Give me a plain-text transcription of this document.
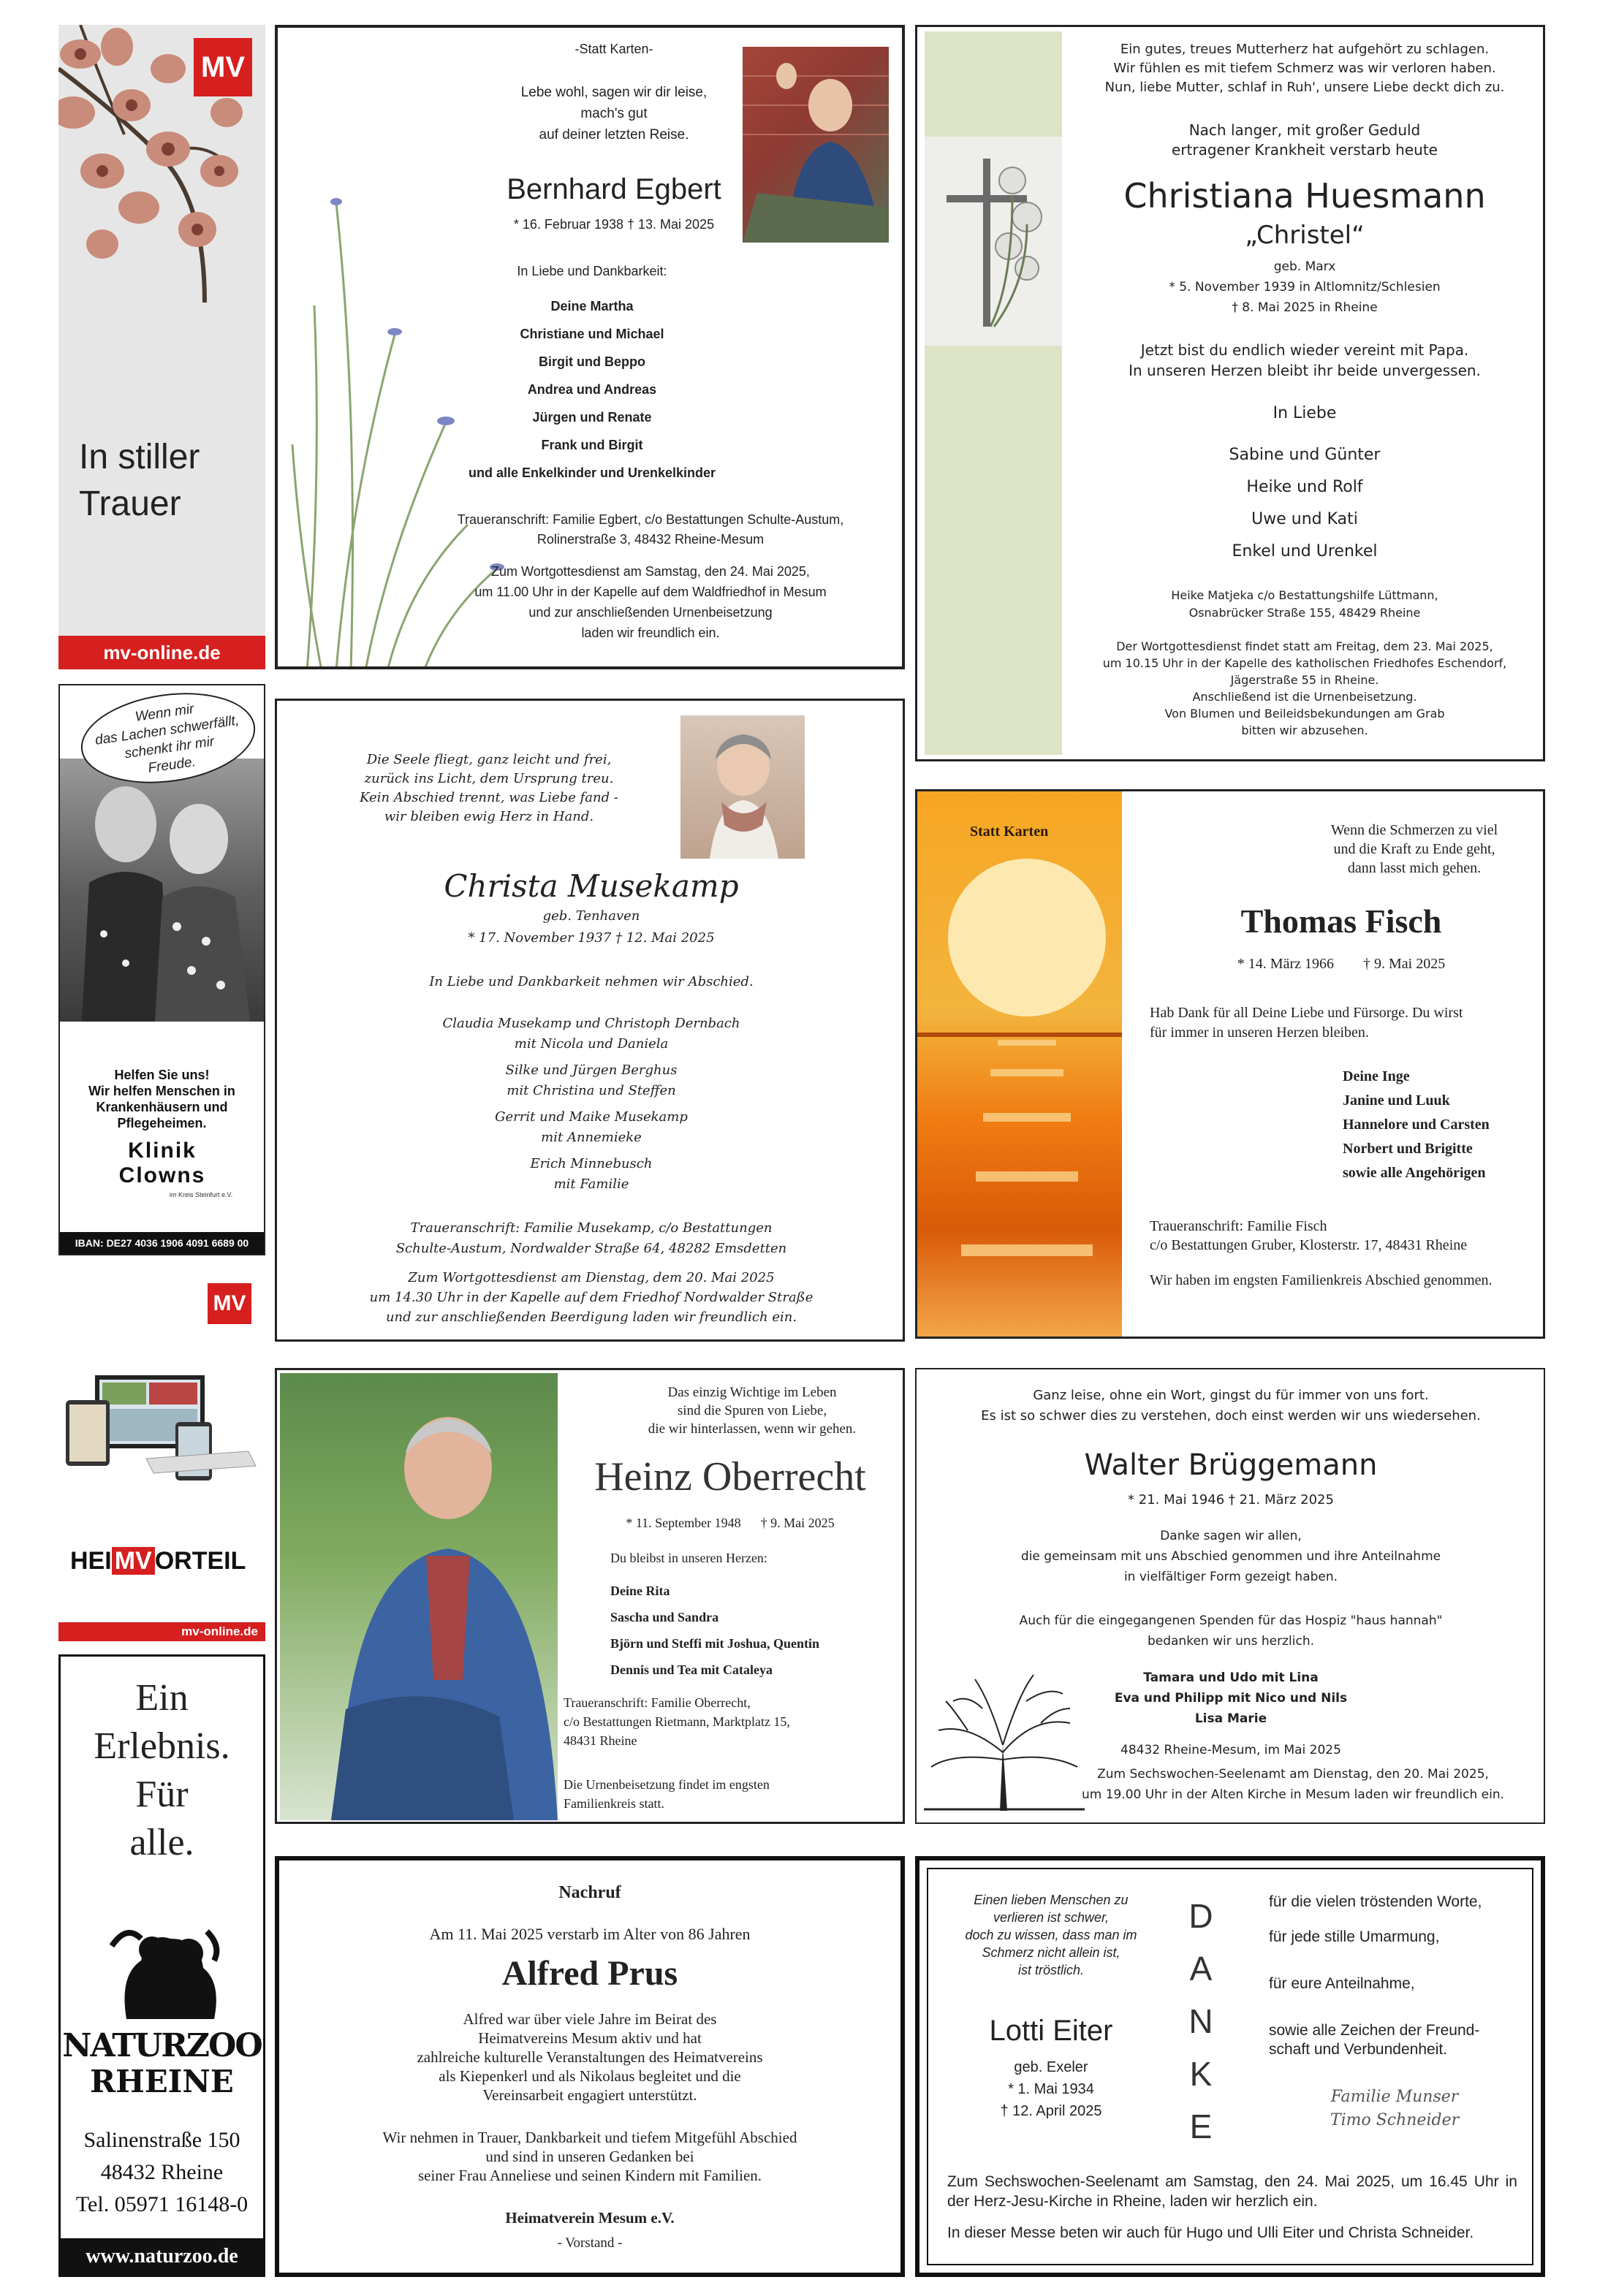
MV
In stiller
Trauer
mv-online.de
Wenn mir
das Lachen schwerfällt,
schenkt ihr mir
Freude.
Helfen Sie uns!
Wir helfen Menschen in
Krankenhäusern und
Pflegeheimen.
Klinik
Clowns
im Kreis Steinfurt e.V.
IBAN: DE27 4036 1906 4091 6689 00
MV
HEI MV ORTEIL
mv-online.de
Ein
Erlebnis.
Für
alle.
NATURZOO
RHEINE
Salinenstraße 150
48432 Rheine
Tel. 05971 16148-0
www.naturzoo.de
-Statt Karten-
Lebe wohl, sagen wir dir leise,
mach's gut
auf deiner letzten Reise.
Bernhard Egbert
* 16. Februar 1938 † 13. Mai 2025
In Liebe und Dankbarkeit:
Deine Martha
Christiane und Michael
Birgit und Beppo
Andrea und Andreas
Jürgen und Renate
Frank und Birgit
und alle Enkelkinder und Urenkelkinder
Traueranschrift: Familie Egbert, c/o Bestattungen Schulte-Austum,
Rolinerstraße 3, 48432 Rheine-Mesum
Zum Wortgottesdienst am Samstag, den 24. Mai 2025,
um 11.00 Uhr in der Kapelle auf dem Waldfriedhof in Mesum
und zur anschließenden Urnenbeisetzung
laden wir freundlich ein.
Ein gutes, treues Mutterherz hat aufgehört zu schlagen.
Wir fühlen es mit tiefem Schmerz was wir verloren haben.
Nun, liebe Mutter, schlaf in Ruh', unsere Liebe deckt dich zu.
Nach langer, mit großer Geduld
ertragener Krankheit verstarb heute
Christiana Huesmann
„Christel“
geb. Marx
* 5. November 1939 in Altlomnitz/Schlesien
† 8. Mai 2025 in Rheine
Jetzt bist du endlich wieder vereint mit Papa.
In unseren Herzen bleibt ihr beide unvergessen.
In Liebe
Sabine und Günter
Heike und Rolf
Uwe und Kati
Enkel und Urenkel
Heike Matjeka c/o Bestattungshilfe Lüttmann,
Osnabrücker Straße 155, 48429 Rheine
Der Wortgottesdienst findet statt am Freitag, dem 23. Mai 2025,
um 10.15 Uhr in der Kapelle des katholischen Friedhofes Eschendorf,
Jägerstraße 55 in Rheine.
Anschließend ist die Urnenbeisetzung.
Von Blumen und Beileidsbekundungen am Grab
bitten wir abzusehen.
Die Seele fliegt, ganz leicht und frei,
zurück ins Licht, dem Ursprung treu.
Kein Abschied trennt, was Liebe fand -
wir bleiben ewig Herz in Hand.
Christa Musekamp
geb. Tenhaven
* 17. November 1937 † 12. Mai 2025
In Liebe und Dankbarkeit nehmen wir Abschied.
Claudia Musekamp und Christoph Dernbach
mit Nicola und Daniela
Silke und Jürgen Berghus
mit Christina und Steffen
Gerrit und Maike Musekamp
mit Annemieke
Erich Minnebusch
mit Familie
Traueranschrift: Familie Musekamp, c/o Bestattungen
Schulte-Austum, Nordwalder Straße 64, 48282 Emsdetten
Zum Wortgottesdienst am Dienstag, dem 20. Mai 2025
um 14.30 Uhr in der Kapelle auf dem Friedhof Nordwalder Straße
und zur anschließenden Beerdigung laden wir freundlich ein.
Statt Karten	Wenn die Schmerzen zu viel
und die Kraft zu Ende geht,
dann lasst mich gehen.
Thomas Fisch
* 14. März 1966        † 9. Mai 2025
Hab Dank für all Deine Liebe und Fürsorge. Du wirst
für immer in unseren Herzen bleiben.
Deine Inge
Janine und Luuk
Hannelore und Carsten
Norbert und Brigitte
sowie alle Angehörigen
Traueranschrift: Familie Fisch
c/o Bestattungen Gruber, Klosterstr. 17, 48431 Rheine
Wir haben im engsten Familienkreis Abschied genommen.
Das einzig Wichtige im Leben
sind die Spuren von Liebe,
die wir hinterlassen, wenn wir gehen.
Heinz Oberrecht
* 11. September 1948      † 9. Mai 2025
Du bleibst in unseren Herzen:
Deine Rita
Sascha und Sandra
Björn und Steffi mit Joshua, Quentin
Dennis und Tea mit Cataleya
Traueranschrift: Familie Oberrecht,
c/o Bestattungen Rietmann, Marktplatz 15,
48431 Rheine
Die Urnenbeisetzung findet im engsten
Familienkreis statt.
Ganz leise, ohne ein Wort, gingst du für immer von uns fort.
Es ist so schwer dies zu verstehen, doch einst werden wir uns wiedersehen.
Walter Brüggemann
* 21. Mai 1946 † 21. März 2025
Danke sagen wir allen,
die gemeinsam mit uns Abschied genommen und ihre Anteilnahme
in vielfältiger Form gezeigt haben.
Auch für die eingegangenen Spenden für das Hospiz "haus hannah"
bedanken wir uns herzlich.
Tamara und Udo mit Lina
Eva und Philipp mit Nico und Nils
Lisa Marie
48432 Rheine-Mesum, im Mai 2025
Zum Sechswochen-Seelenamt am Dienstag, den 20. Mai 2025,
um 19.00 Uhr in der Alten Kirche in Mesum laden wir freundlich ein.
Nachruf
Am 11. Mai 2025 verstarb im Alter von 86 Jahren
Alfred Prus
Alfred war über viele Jahre im Beirat des
Heimatvereins Mesum aktiv und hat
zahlreiche kulturelle Veranstaltungen des Heimatvereins
als Kiepenkerl und als Nikolaus begleitet und die
Vereinsarbeit engagiert unterstützt.
Wir nehmen in Trauer, Dankbarkeit und tiefem Mitgefühl Abschied
und sind in unseren Gedanken bei
seiner Frau Anneliese und seinen Kindern mit Familien.
Heimatverein Mesum e.V.
- Vorstand -
Einen lieben Menschen zu
verlieren ist schwer,
doch zu wissen, dass man im
Schmerz nicht allein ist,
ist tröstlich.
Lotti Eiter
geb. Exeler
* 1. Mai 1934
† 12. April 2025
D
A
N
K
E
für die vielen tröstenden Worte,
für jede stille Umarmung,
für eure Anteilnahme,
sowie alle Zeichen der Freund-
schaft und Verbundenheit.
Familie Munser
Timo Schneider
Zum Sechswochen-Seelenamt am Samstag, den 24. Mai 2025, um 16.45 Uhr in der Herz-Jesu-Kirche in Rheine, laden wir herzlich ein.
In dieser Messe beten wir auch für Hugo und Ulli Eiter und Christa Schneider.
